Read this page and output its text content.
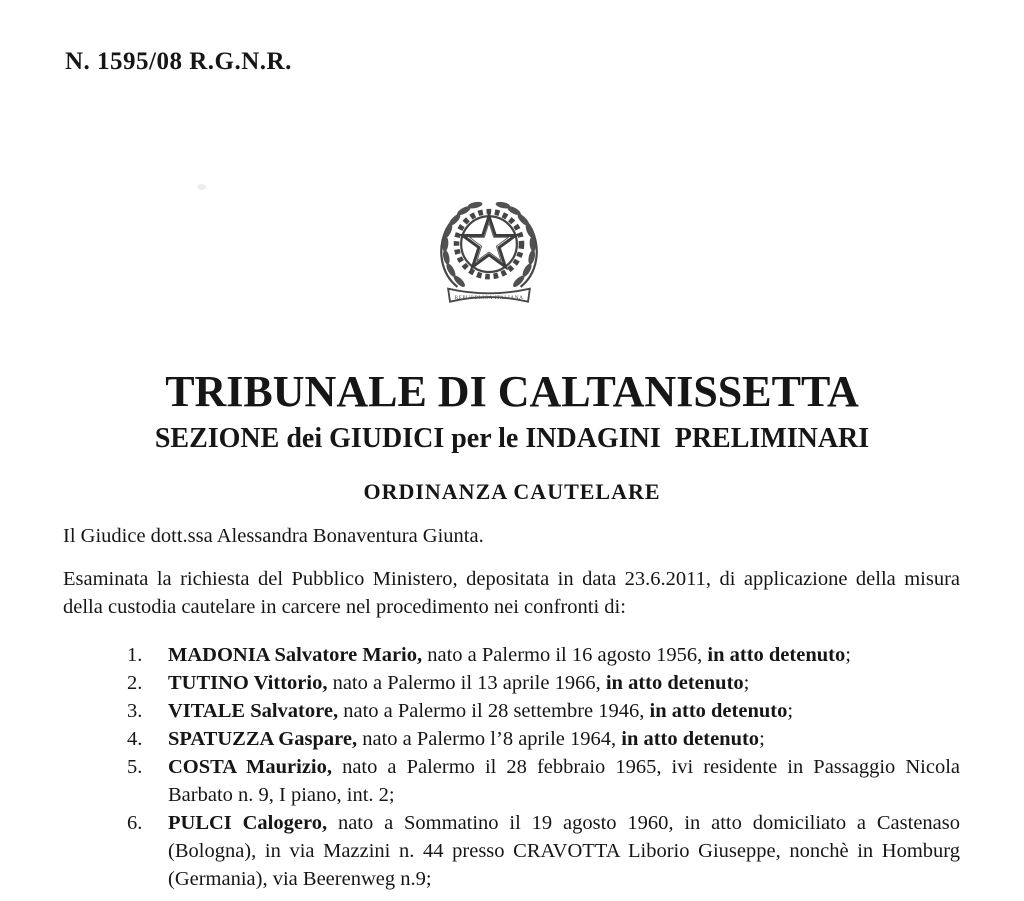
N. 1595/08 R.G.N.R.
REPUBBLICA ITALIANA
TRIBUNALE DI CALTANISSETTA
SEZIONE dei GIUDICI per le INDAGINI  PRELIMINARI
ORDINANZA CAUTELARE
Il Giudice dott.ssa Alessandra Bonaventura Giunta.
Esaminata la richiesta del Pubblico Ministero, depositata in data 23.6.2011, di applicazione della misura della custodia cautelare in carcere nel procedimento nei confronti di:
1.	MADONIA Salvatore Mario, nato a Palermo il 16 agosto 1956, in atto detenuto;
2.	TUTINO Vittorio, nato a Palermo il 13 aprile 1966, in atto detenuto;
3.	VITALE Salvatore, nato a Palermo il 28 settembre 1946, in atto detenuto;
4.	SPATUZZA Gaspare, nato a Palermo l’8 aprile 1964, in atto detenuto;
5.	COSTA Maurizio, nato a Palermo il 28 febbraio 1965, ivi residente in Passaggio Nicola Barbato n. 9, I piano, int. 2;
6.	PULCI Calogero, nato a Sommatino il 19 agosto 1960, in atto domiciliato a Castenaso (Bologna), in via Mazzini n. 44 presso CRAVOTTA Liborio Giuseppe, nonchè in Homburg (Germania), via Beerenweg n.9;
